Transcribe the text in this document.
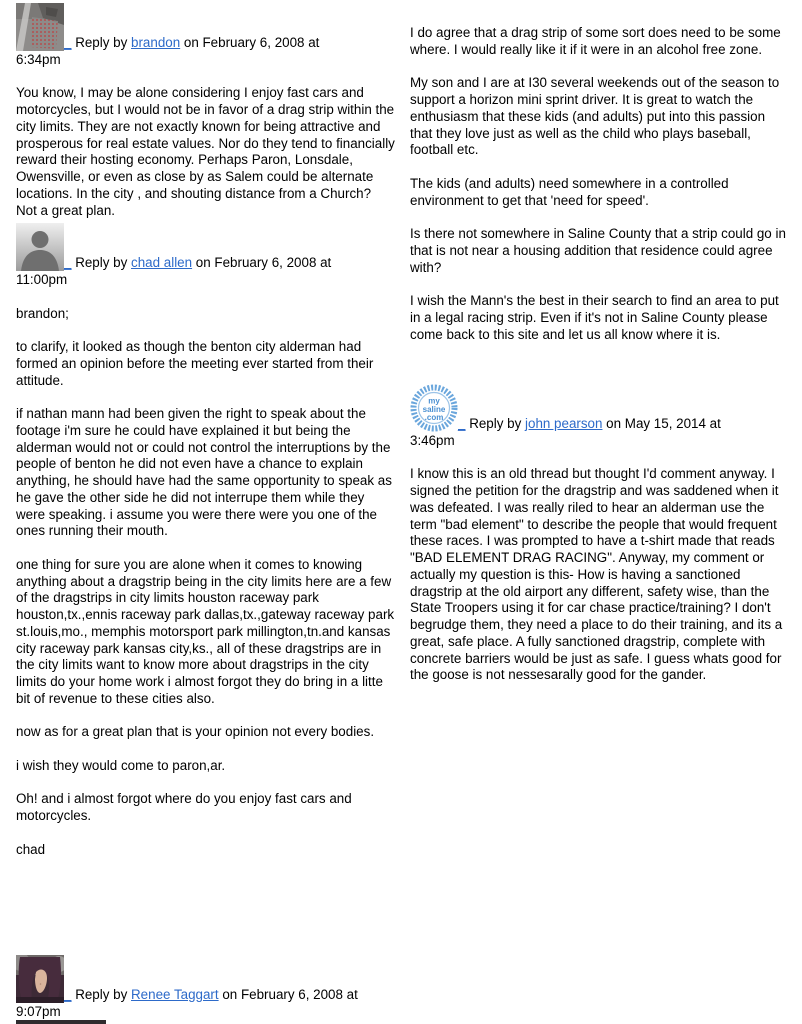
_ Reply by brandon on February 6, 2008 at
6:34pm

You know, I may be alone considering I enjoy fast cars and motorcycles, but I would not be in favor of a drag strip within the city limits. They are not exactly known for being attractive and prosperous for real estate values. Nor do they tend to financially reward their hosting economy. Perhaps Paron, Lonsdale, Owensville, or even as close by as Salem could be alternate locations. In the city , and shouting distance from a Church? Not a great plan.

_ Reply by chad allen on February 6, 2008 at
11:00pm

brandon;

to clarify, it looked as though the benton city alderman had formed an opinion before the meeting ever started from their attitude.

if nathan mann had been given the right to speak about the footage i'm sure he could have explained it but being the alderman would not or could not control the interruptions by the people of benton he did not even have a chance to explain anything, he should have had the same opportunity to speak as he gave the other side he did not interrupe them while they were speaking. i assume you were there were you one of the ones running their mouth.

one thing for sure you are alone when it comes to knowing anything about a dragstrip being in the city limits here are a few of the dragstrips in city limits houston raceway park houston,tx.,ennis raceway park dallas,tx.,gateway raceway park st.louis,mo., memphis motorsport park millington,tn.and kansas city raceway park kansas city,ks., all of these dragstrips are in the city limits want to know more about dragstrips in the city limits do your home work i almost forgot they do bring in a litte bit of revenue to these cities also.

now as for a great plan that is your opinion not every bodies.

i wish they would come to paron,ar.

Oh! and i almost forgot where do you enjoy fast cars and motorcycles.

chad

_ Reply by Renee Taggart on February 6, 2008 at
9:07pm

I do agree that a drag strip of some sort does need to be some where. I would really like it if it were in an alcohol free zone.

My son and I are at I30 several weekends out of the season to support a horizon mini sprint driver. It is great to watch the enthusiasm that these kids (and adults) put into this passion that they love just as well as the child who plays baseball, football etc.

The kids (and adults) need somewhere in a controlled environment to get that 'need for speed'.

Is there not somewhere in Saline County that a strip could go in that is not near a housing addition that residence could agree with?

I wish the Mann's the best in their search to find an area to put in a legal racing strip. Even if it's not in Saline County please come back to this site and let us all know where it is.

my
saline
.com _ Reply by john pearson on May 15, 2014 at
3:46pm

I know this is an old thread but thought I'd comment anyway. I signed the petition for the dragstrip and was saddened when it was defeated. I was really riled to hear an alderman use the term "bad element" to describe the people that would frequent these races. I was prompted to have a t-shirt made that reads "BAD ELEMENT DRAG RACING". Anyway, my comment or actually my question is this- How is having a sanctioned dragstrip at the old airport any different, safety wise, than the State Troopers using it for car chase practice/training? I don't begrudge them, they need a place to do their training, and its a great, safe place. A fully sanctioned dragstrip, complete with concrete barriers would be just as safe. I guess whats good for the goose is not nessesarally good for the gander.
